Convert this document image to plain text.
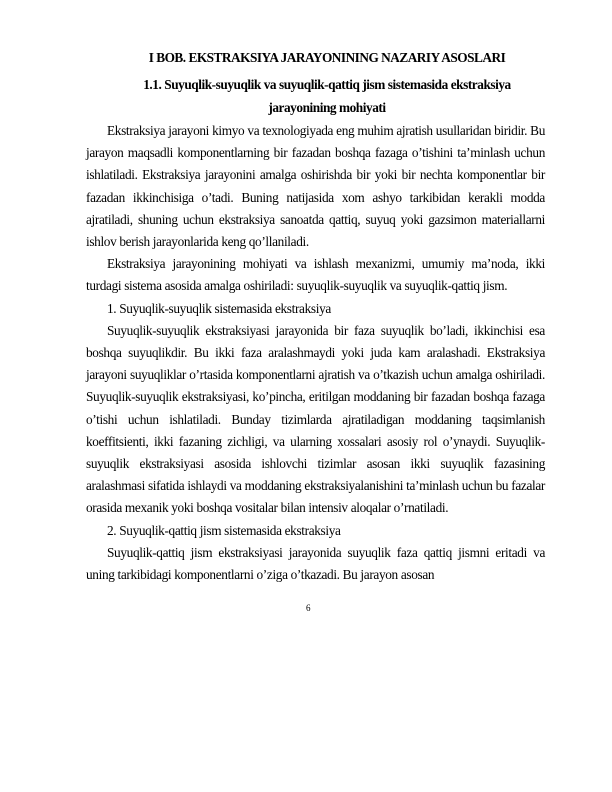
I BOB. EKSTRAKSIYA JARAYONINING NAZARIY ASOSLARI
1.1. Suyuqlik-suyuqlik va suyuqlik-qattiq jism sistemasida ekstraksiya jarayonining mohiyati

Ekstraksiya jarayoni kimyo va texnologiyada eng muhim ajratish usullaridan biridir. Bu jarayon maqsadli komponentlarning bir fazadan boshqa fazaga o’tishini ta’minlash uchun ishlatiladi. Ekstraksiya jarayonini amalga oshirishda bir yoki bir nechta komponentlar bir fazadan ikkinchisiga o’tadi. Buning natijasida xom ashyo tarkibidan kerakli modda ajratiladi, shuning uchun ekstraksiya sanoatda qattiq, suyuq yoki gazsimon materiallarni ishlov berish jarayonlarida keng qo’llaniladi.

Ekstraksiya jarayonining mohiyati va ishlash mexanizmi, umumiy ma’noda, ikki turdagi sistema asosida amalga oshiriladi: suyuqlik-suyuqlik va suyuqlik-qattiq jism.

1. Suyuqlik-suyuqlik sistemasida ekstraksiya

Suyuqlik-suyuqlik ekstraksiyasi jarayonida bir faza suyuqlik bo’ladi, ikkinchisi esa boshqa suyuqlikdir. Bu ikki faza aralashmaydi yoki juda kam aralashadi. Ekstraksiya jarayoni suyuqliklar o’rtasida komponentlarni ajratish va o’tkazish uchun amalga oshiriladi. Suyuqlik-suyuqlik ekstraksiyasi, ko’pincha, eritilgan moddaning bir fazadan boshqa fazaga o’tishi uchun ishlatiladi. Bunday tizimlarda ajratiladigan moddaning taqsimlanish koeffitsienti, ikki fazaning zichligi, va ularning xossalari asosiy rol o’ynaydi. Suyuqlik-suyuqlik ekstraksiyasi asosida ishlovchi tizimlar asosan ikki suyuqlik fazasining aralashmasi sifatida ishlaydi va moddaning ekstraksiyalanishini ta’minlash uchun bu fazalar orasida mexanik yoki boshqa vositalar bilan intensiv aloqalar o’rnatiladi.

2. Suyuqlik-qattiq jism sistemasida ekstraksiya

Suyuqlik-qattiq jism ekstraksiyasi jarayonida suyuqlik faza qattiq jismni eritadi va uning tarkibidagi komponentlarni o’ziga o’tkazadi. Bu jarayon asosan

6
